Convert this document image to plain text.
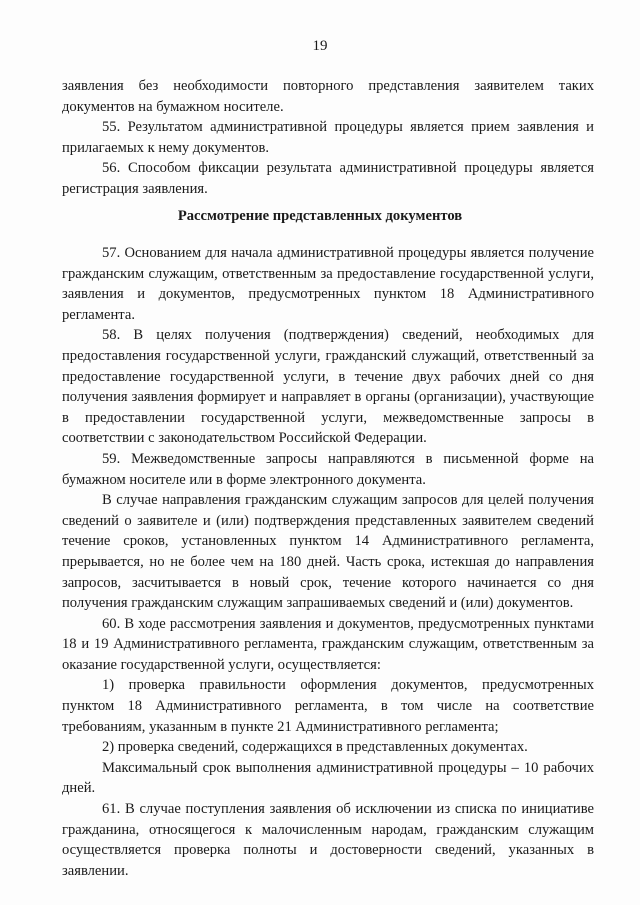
19

заявления без необходимости повторного представления заявителем таких документов на бумажном носителе.

55. Результатом административной процедуры является прием заявления и прилагаемых к нему документов.

56. Способом фиксации результата административной процедуры является регистрация заявления.

Рассмотрение представленных документов

57. Основанием для начала административной процедуры является получение гражданским служащим, ответственным за предоставление государственной услуги, заявления и документов, предусмотренных пунктом 18 Административного регламента.

58. В целях получения (подтверждения) сведений, необходимых для предоставления государственной услуги, гражданский служащий, ответственный за предоставление государственной услуги, в течение двух рабочих дней со дня получения заявления формирует и направляет в органы (организации), участвующие в предоставлении государственной услуги, межведомственные запросы в соответствии с законодательством Российской Федерации.

59. Межведомственные запросы направляются в письменной форме на бумажном носителе или в форме электронного документа.

В случае направления гражданским служащим запросов для целей получения сведений о заявителе и (или) подтверждения представленных заявителем сведений течение сроков, установленных пунктом 14 Административного регламента, прерывается, но не более чем на 180 дней. Часть срока, истекшая до направления запросов, засчитывается в новый срок, течение которого начинается со дня получения гражданским служащим запрашиваемых сведений и (или) документов.

60. В ходе рассмотрения заявления и документов, предусмотренных пунктами 18 и 19 Административного регламента, гражданским служащим, ответственным за оказание государственной услуги, осуществляется:

1) проверка правильности оформления документов, предусмотренных пунктом 18 Административного регламента, в том числе на соответствие требованиям, указанным в пункте 21 Административного регламента;

2) проверка сведений, содержащихся в представленных документах.

Максимальный срок выполнения административной процедуры – 10 рабочих дней.

61. В случае поступления заявления об исключении из списка по инициативе гражданина, относящегося к малочисленным народам, гражданским служащим осуществляется проверка полноты и достоверности сведений, указанных в заявлении.
